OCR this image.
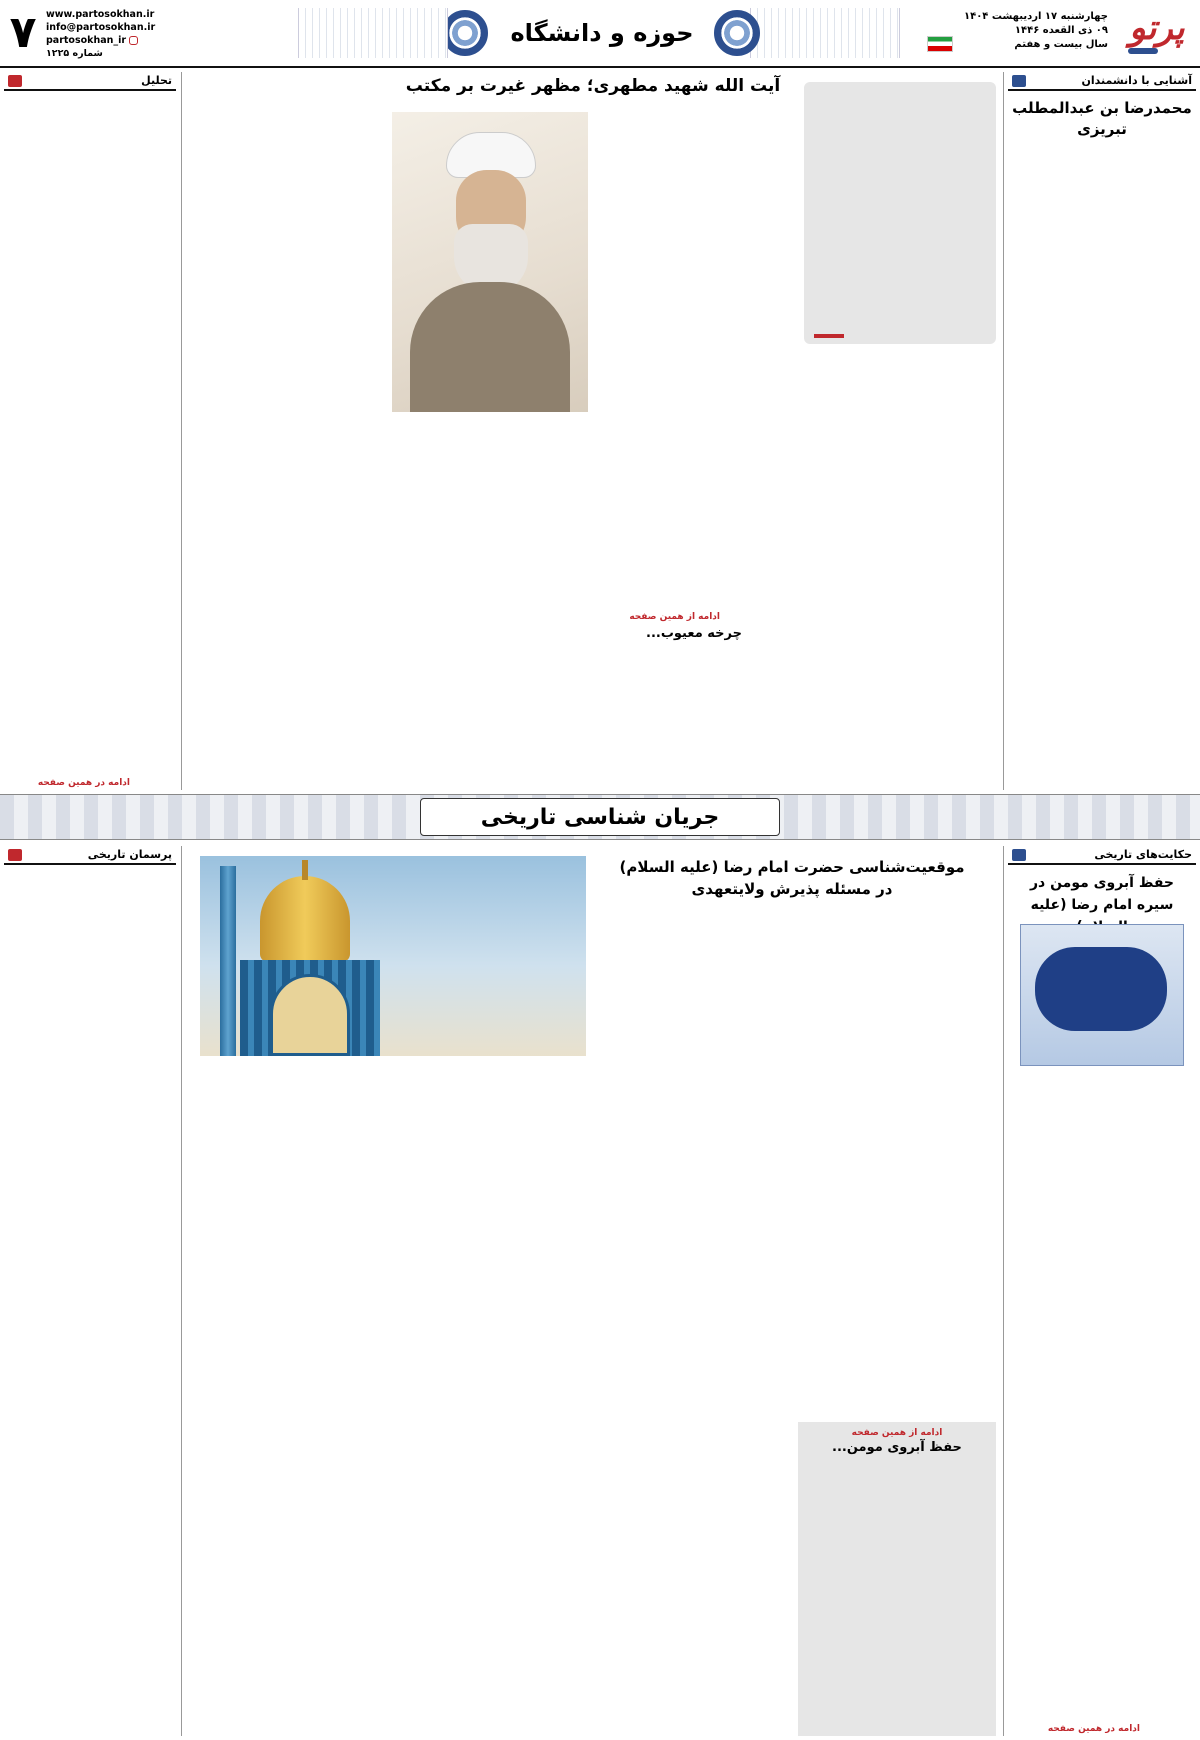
پرتو
چهارشنبه ۱۷ اردیبهشت ۱۴۰۴
۰۹ ذی القعده ۱۴۴۶
سال بیست و هفتم
حوزه و دانشگاه
www.partosokhan.ir
info@partosokhan.ir
partosokhan_ir
شماره ۱۲۲۵
۷
آشنایی با دانشمندان
محمدرضا بن عبدالمطلب تبریزی
آیت الله شهید مطهری؛ مظهر غیرت بر مکتب
ادامه از همین صفحه
چرخه معیوب...
تحلیل
ادامه در همین صفحه
جریان شناسی تاریخی
حکایت‌های تاریخی
حفظ آبروی مومن در سیره امام رضا (علیه
ادامه در همین صفحه
موقعیت‌شناسی حضرت امام رضا (علیه السلام)
در مسئله پذیرش ولایتعهدی
ادامه از همین صفحه
حفظ آبروی مومن...
پرسمان تاریخی
